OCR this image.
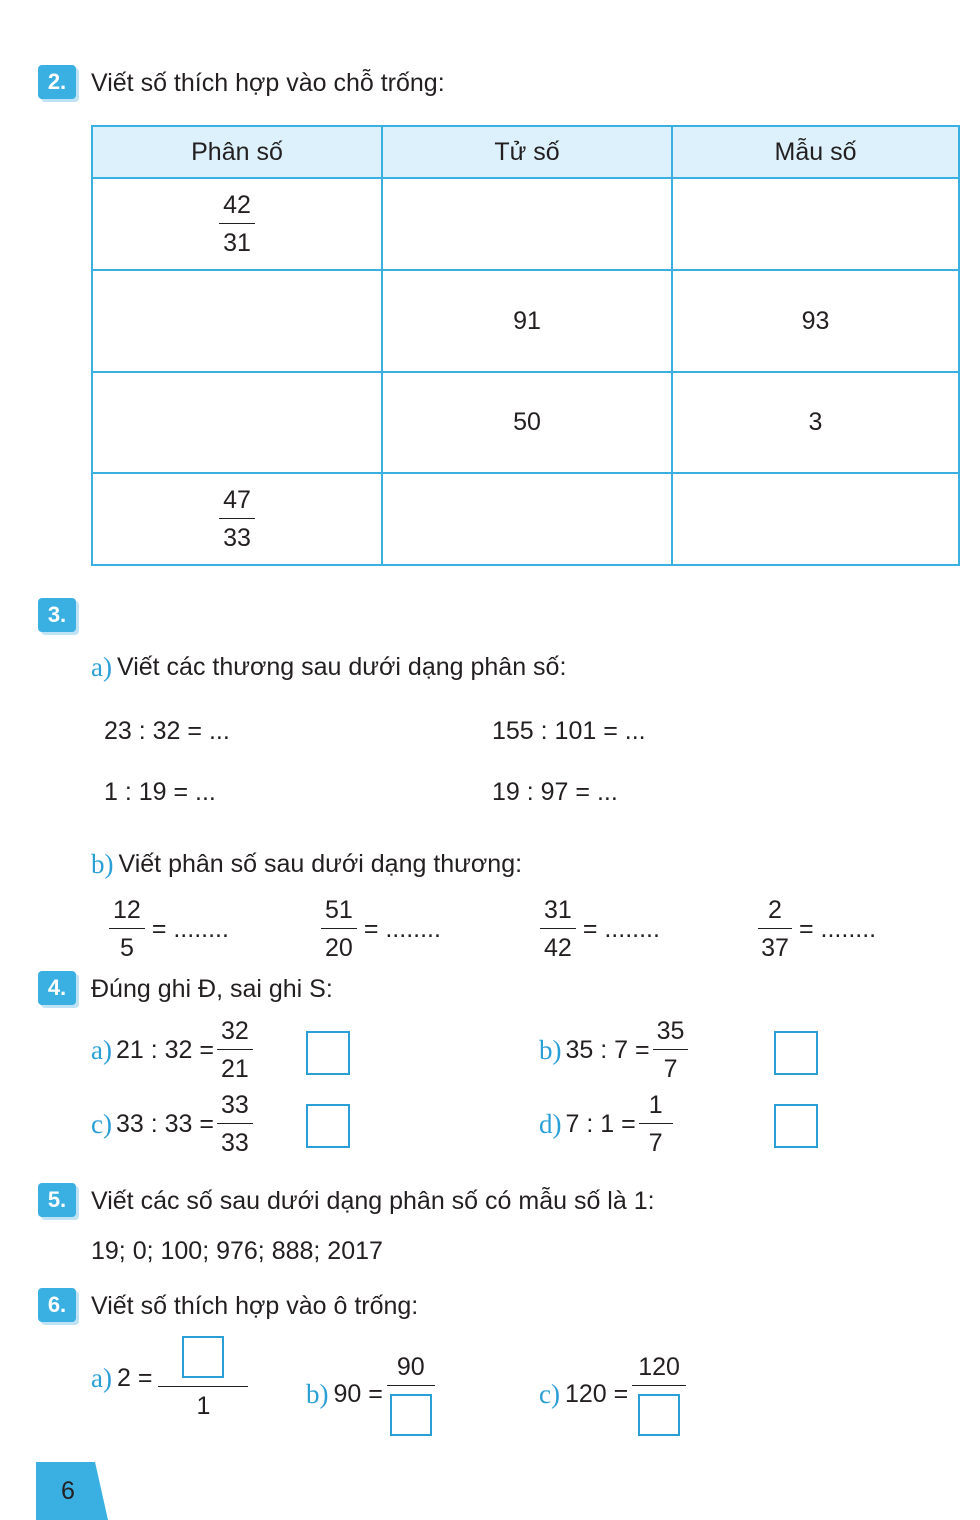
2. Viết số thích hợp vào chỗ trống:
Phân số	Tử số	Mẫu số

$\frac{42}{31}$

	91	93
	50	3

$\frac{47}{33}$

3.
a) Viết các thương sau dưới dạng phân số:
23 : 32 = ...	155 : 101 = ...
1 : 19 = ...	19 : 97 = ...
b) Viết phân số sau dưới dạng thương:
$\frac{12}{5}$ = ........	$\frac{51}{20}$ = ........	$\frac{31}{42}$ = ........	$\frac{2}{37}$ = ........
4. Đúng ghi Đ, sai ghi S:
a) 21 : $32 = \frac{32}{21}$	b) 35 : $7 = \frac{35}{7}$
c) 33 : $33 = \frac{33}{33}$	d) 7 : $1 = \frac{1}{7}$
5. Viết các số sau dưới dạng phân số có mẫu số là 1:
19; 0; 100; 976; 888; 2017
6. Viết số thích hợp vào ô trống:
a) 2 =
1	b) 90 =
90
c) 120 =
120
6
